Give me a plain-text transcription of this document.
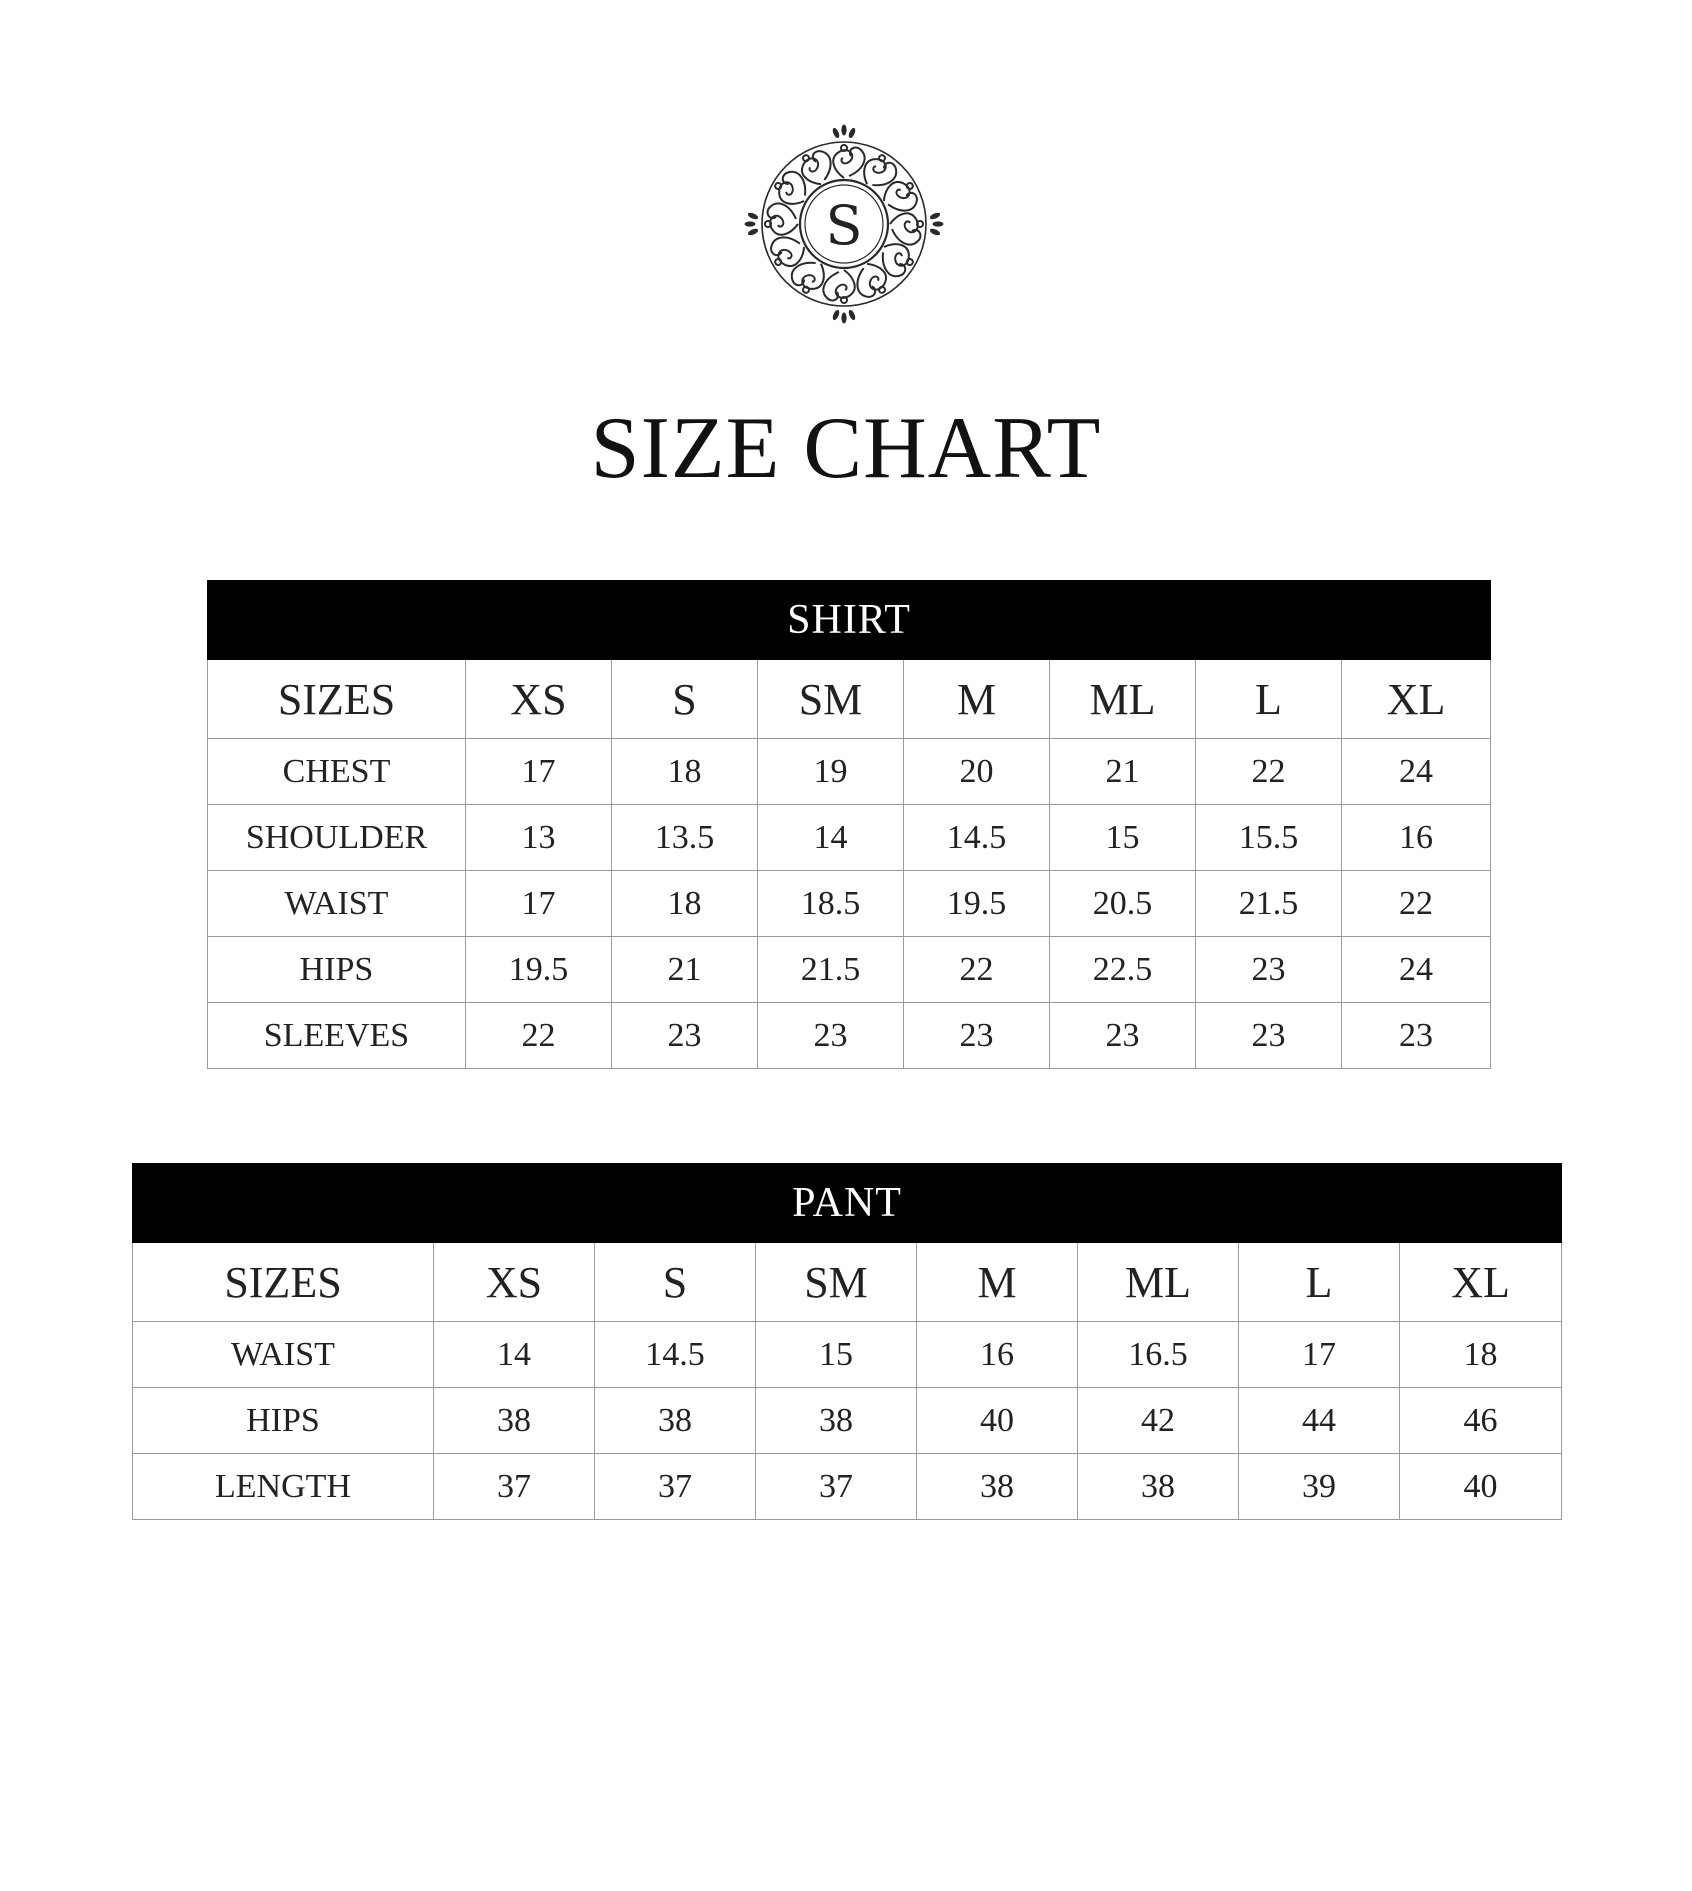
S
SIZE CHART
SHIRT							
SIZES	XS	S	SM	M	ML	L	XL
CHEST	17	18	19	20	21	22	24
SHOULDER	13	13.5	14	14.5	15	15.5	16
WAIST	17	18	18.5	19.5	20.5	21.5	22
HIPS	19.5	21	21.5	22	22.5	23	24
SLEEVES	22	23	23	23	23	23	23
PANT							
SIZES	XS	S	SM	M	ML	L	XL
WAIST	14	14.5	15	16	16.5	17	18
HIPS	38	38	38	40	42	44	46
LENGTH	37	37	37	38	38	39	40
